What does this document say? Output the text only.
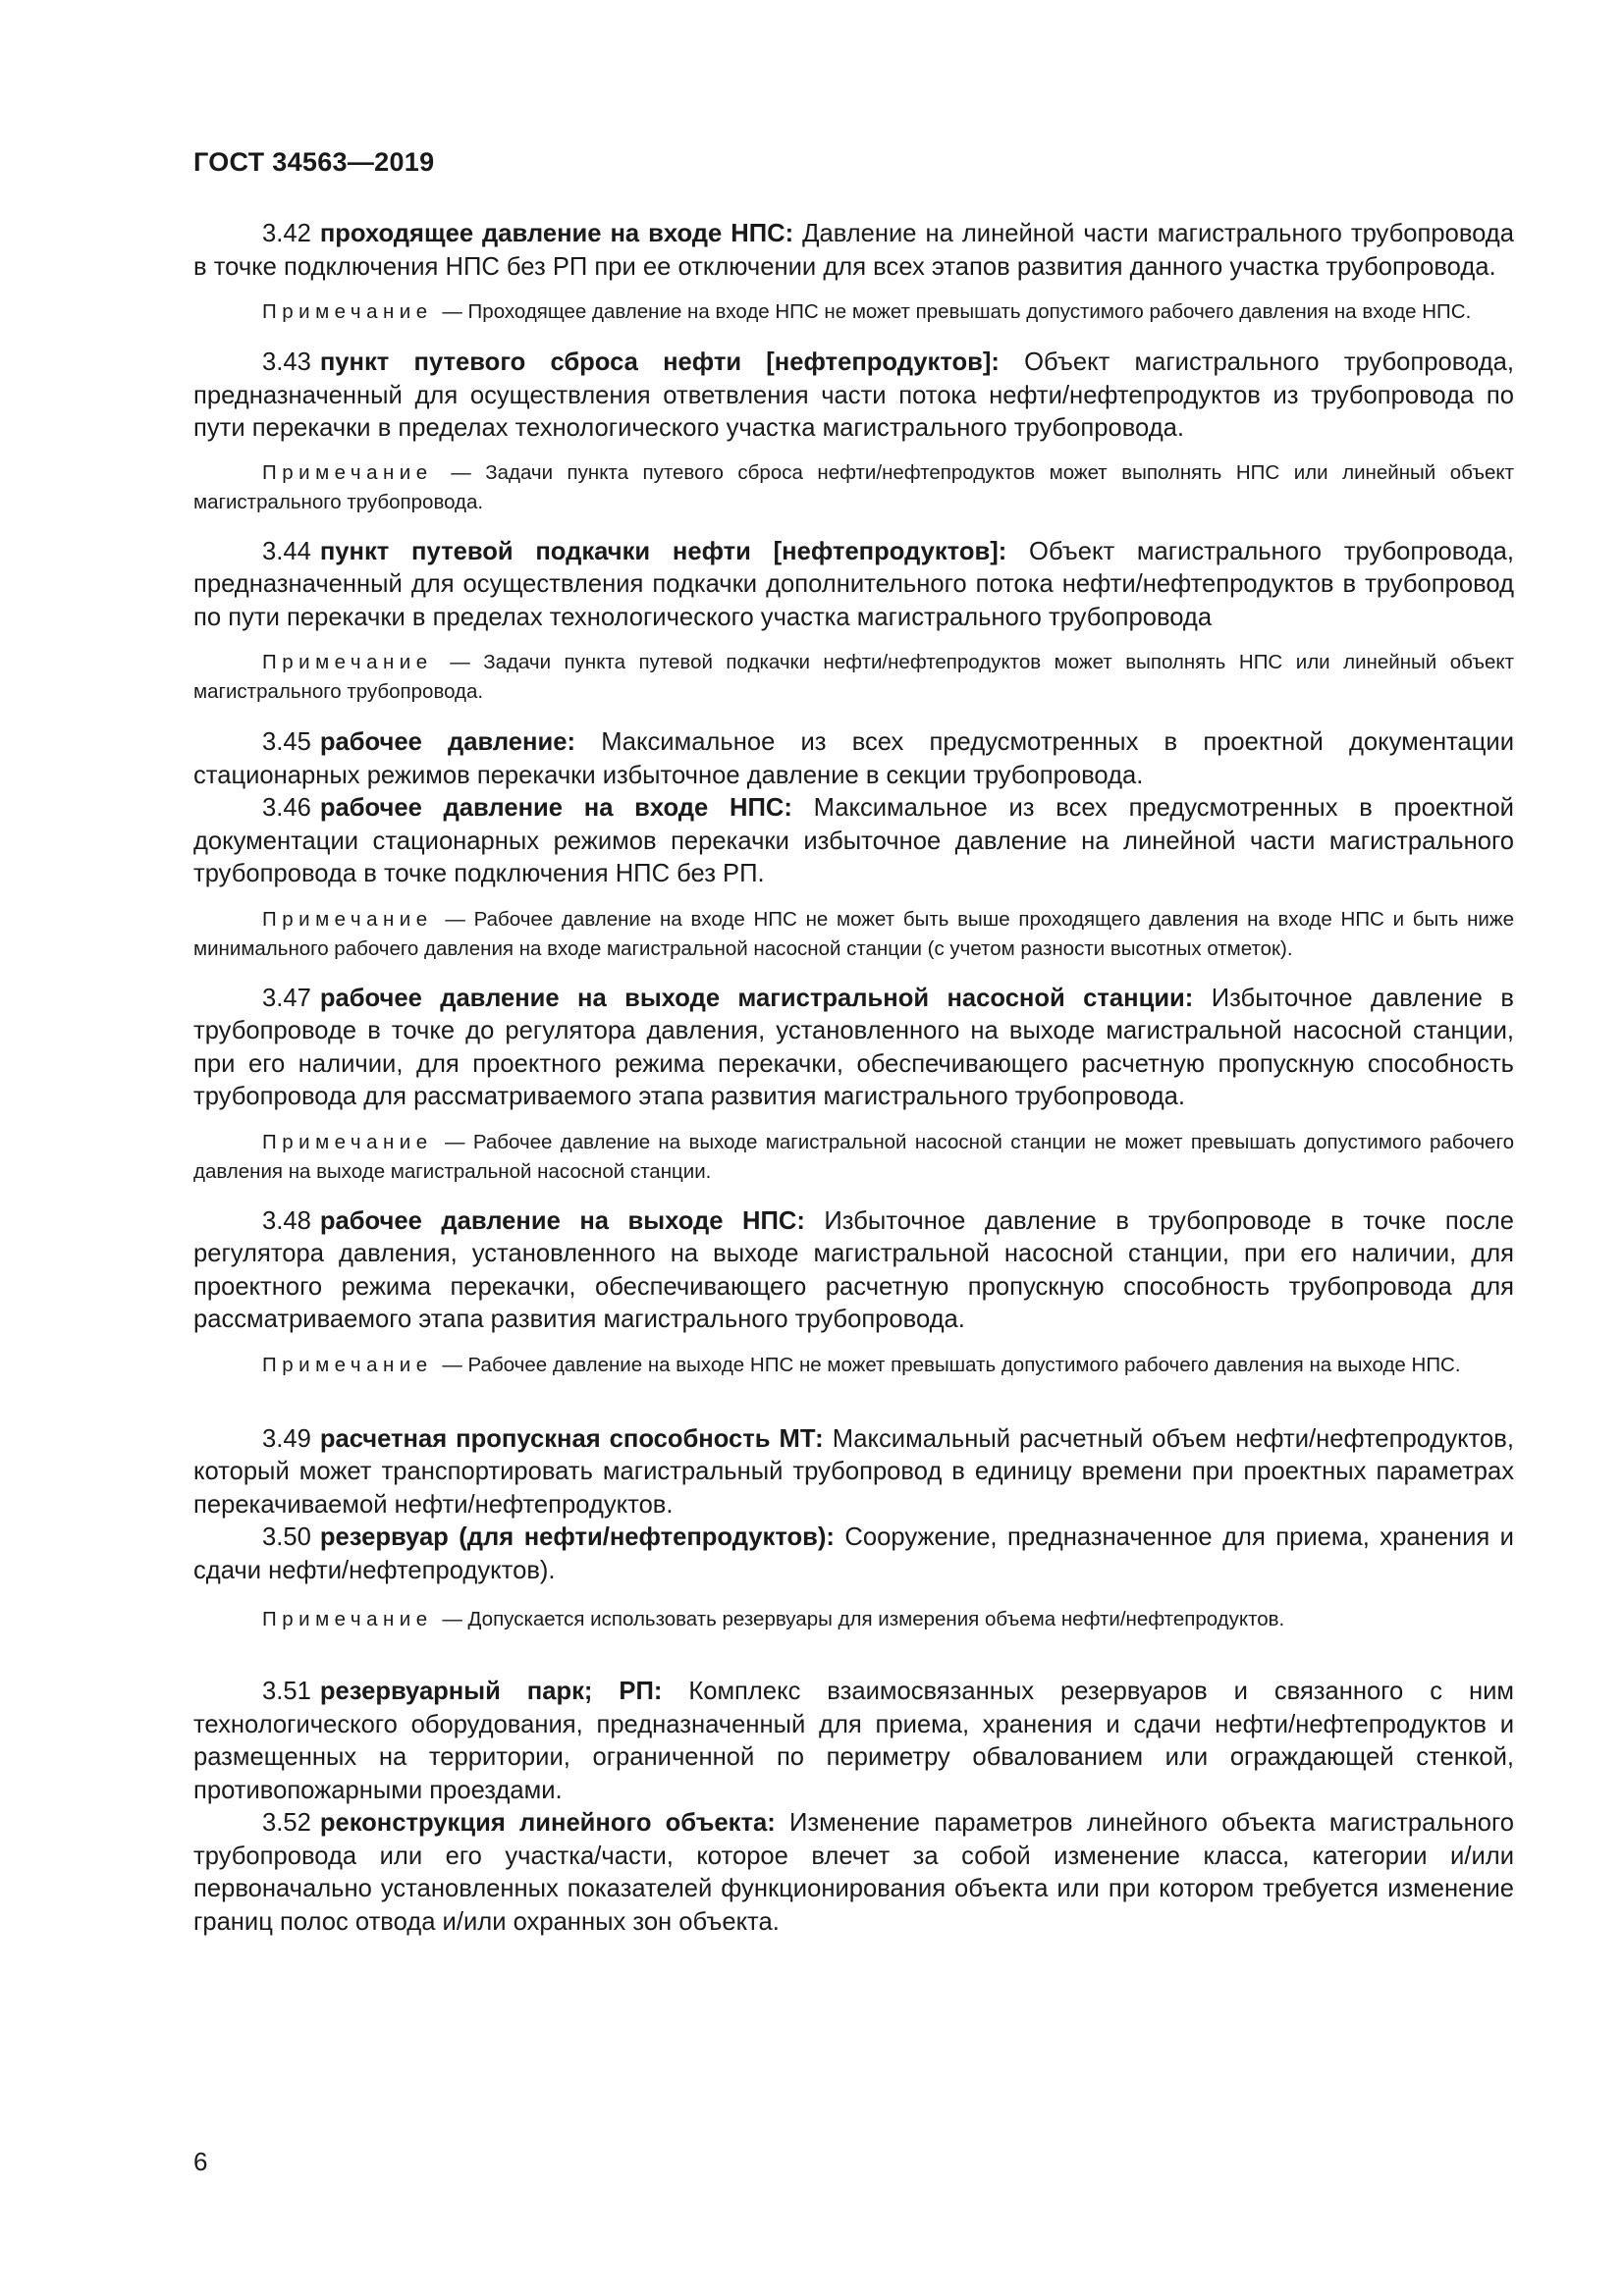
ГОСТ 34563—2019

3.42 проходящее давление на входе НПС: Давление на линейной части магистрального трубопровода в точке подключения НПС без РП при ее отключении для всех этапов развития данного участка трубопровода.

Примечание — Проходящее давление на входе НПС не может превышать допустимого рабочего давления на входе НПС.

3.43 пункт путевого сброса нефти [нефтепродуктов]: Объект магистрального трубопровода, предназначенный для осуществления ответвления части потока нефти/нефтепродуктов из трубопровода по пути перекачки в пределах технологического участка магистрального трубопровода.

Примечание — Задачи пункта путевого сброса нефти/нефтепродуктов может выполнять НПС или линейный объект магистрального трубопровода.

3.44 пункт путевой подкачки нефти [нефтепродуктов]: Объект магистрального трубопровода, предназначенный для осуществления подкачки дополнительного потока нефти/нефтепродуктов в трубопровод по пути перекачки в пределах технологического участка магистрального трубопровода

Примечание — Задачи пункта путевой подкачки нефти/нефтепродуктов может выполнять НПС или линейный объект магистрального трубопровода.

3.45 рабочее давление: Максимальное из всех предусмотренных в проектной документации стационарных режимов перекачки избыточное давление в секции трубопровода.

3.46 рабочее давление на входе НПС: Максимальное из всех предусмотренных в проектной документации стационарных режимов перекачки избыточное давление на линейной части магистрального трубопровода в точке подключения НПС без РП.

Примечание — Рабочее давление на входе НПС не может быть выше проходящего давления на входе НПС и быть ниже минимального рабочего давления на входе магистральной насосной станции (с учетом разности высотных отметок).

3.47 рабочее давление на выходе магистральной насосной станции: Избыточное давление в трубопроводе в точке до регулятора давления, установленного на выходе магистральной насосной станции, при его наличии, для проектного режима перекачки, обеспечивающего расчетную пропускную способность трубопровода для рассматриваемого этапа развития магистрального трубопровода.

Примечание — Рабочее давление на выходе магистральной насосной станции не может превышать допустимого рабочего давления на выходе магистральной насосной станции.

3.48 рабочее давление на выходе НПС: Избыточное давление в трубопроводе в точке после регулятора давления, установленного на выходе магистральной насосной станции, при его наличии, для проектного режима перекачки, обеспечивающего расчетную пропускную способность трубопровода для рассматриваемого этапа развития магистрального трубопровода.

Примечание — Рабочее давление на выходе НПС не может превышать допустимого рабочего давления на выходе НПС.

3.49 расчетная пропускная способность МТ: Максимальный расчетный объем нефти/нефтепродуктов, который может транспортировать магистральный трубопровод в единицу времени при проектных параметрах перекачиваемой нефти/нефтепродуктов.

3.50 резервуар (для нефти/нефтепродуктов): Сооружение, предназначенное для приема, хранения и сдачи нефти/нефтепродуктов).

Примечание — Допускается использовать резервуары для измерения объема нефти/нефтепродуктов.

3.51 резервуарный парк; РП: Комплекс взаимосвязанных резервуаров и связанного с ним технологического оборудования, предназначенный для приема, хранения и сдачи нефти/нефтепродуктов и размещенных на территории, ограниченной по периметру обвалованием или ограждающей стенкой, противопожарными проездами.

3.52 реконструкция линейного объекта: Изменение параметров линейного объекта магистрального трубопровода или его участка/части, которое влечет за собой изменение класса, категории и/или первоначально установленных показателей функционирования объекта или при котором требуется изменение границ полос отвода и/или охранных зон объекта.

6
